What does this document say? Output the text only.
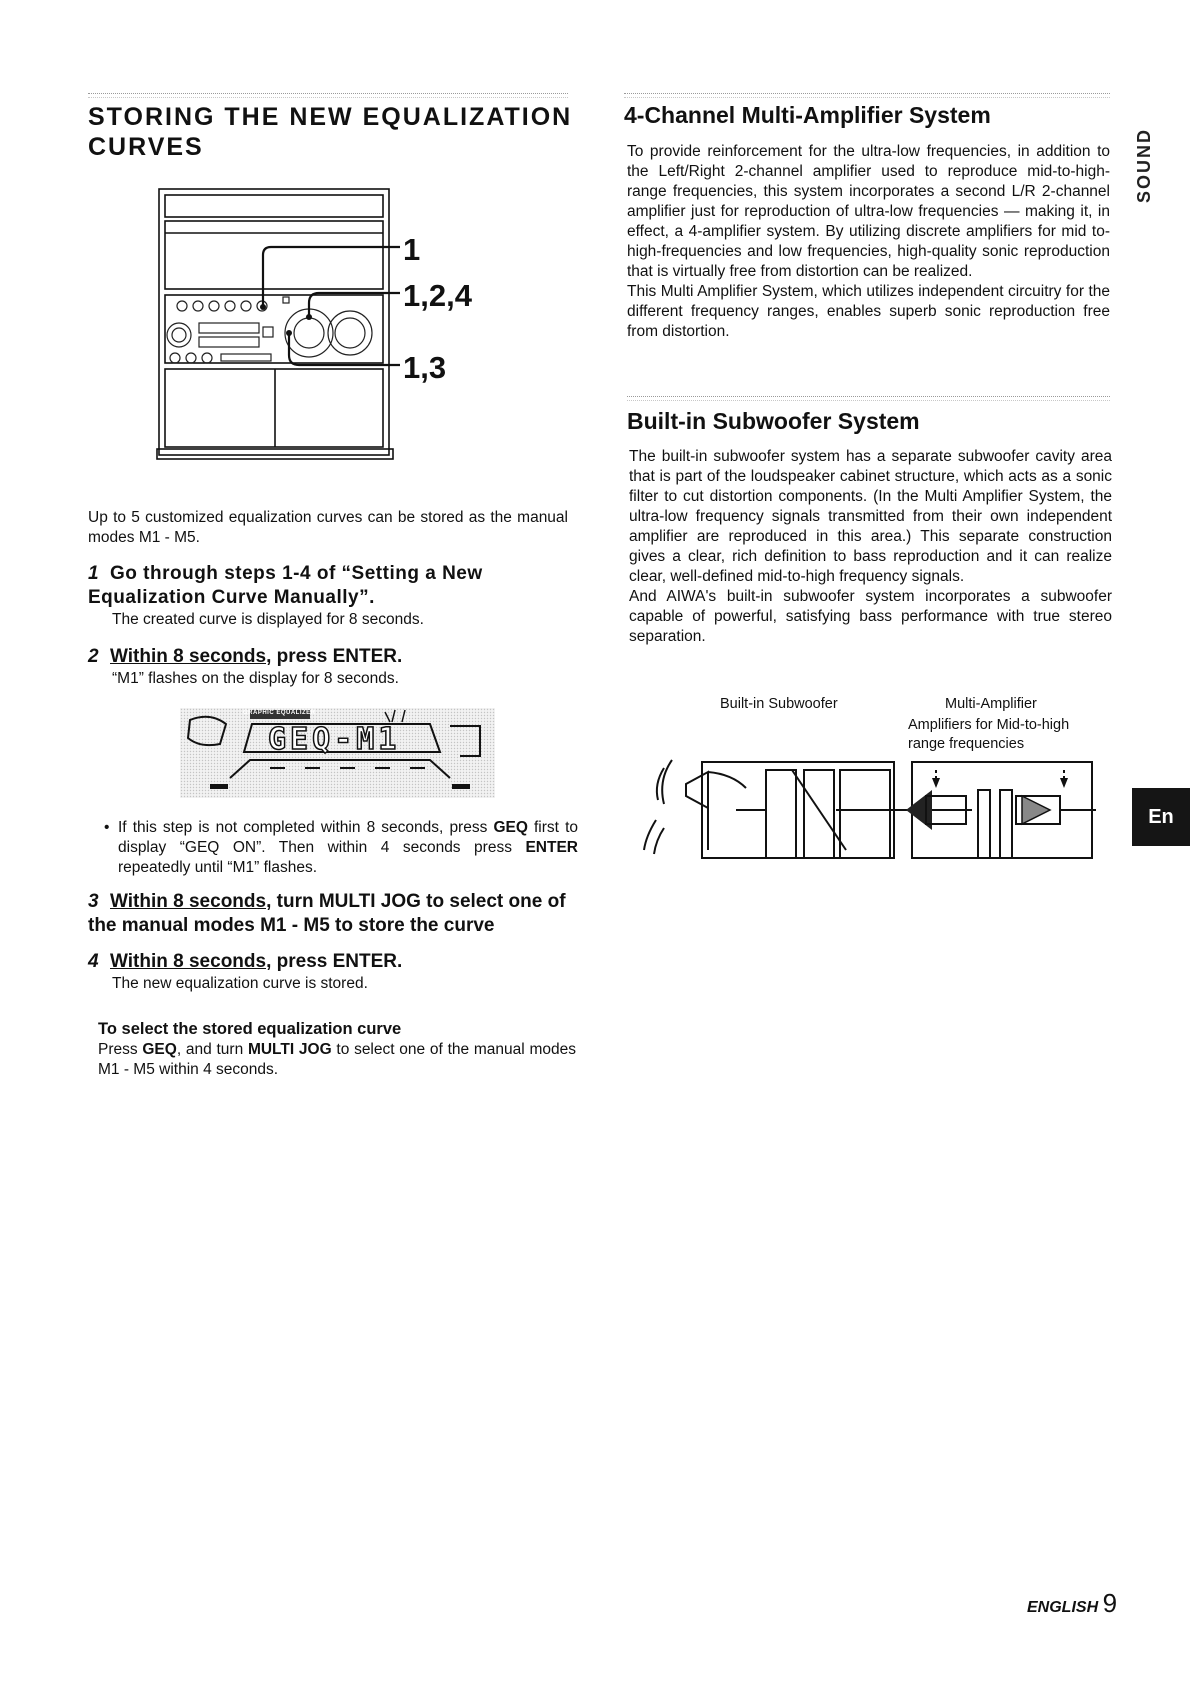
STORING THE NEW EQUALIZATION CURVES
1
1,2,4
1,3

Up to 5 customized equalization curves can be stored as the manual modes M1 - M5.

1 Go through steps 1-4 of “Setting a New Equalization Curve Manually”.
The created curve is displayed for 8 seconds.
2 Within 8 seconds, press ENTER.
“M1” flashes on the display for 8 seconds.
GRAPHIC EQUALIZER
GEQ-M1
• If this step is not completed within 8 seconds, press GEQ first to display “GEQ ON”. Then within 4 seconds press ENTER repeatedly until “M1” flashes.
3 Within 8 seconds, turn MULTI JOG to select one of the manual modes M1 - M5 to store the curve
4 Within 8 seconds, press ENTER.
The new equalization curve is stored.
To select the stored equalization curve
Press GEQ, and turn MULTI JOG to select one of the manual modes M1 - M5 within 4 seconds.
4-Channel Multi-Amplifier System

To provide reinforcement for the ultra-low frequencies, in addition to the Left/Right 2-channel amplifier used to reproduce mid-to-high-range frequencies, this system incorporates a second L/R 2-channel amplifier just for reproduction of ultra-low frequencies — making it, in effect, a 4-amplifier system. By utilizing discrete amplifiers for mid to-high-frequencies and low frequencies, high-quality sonic reproduction that is virtually free from distortion can be realized.

This Multi Amplifier System, which utilizes independent circuitry for the different frequency ranges, enables superb sonic reproduction free from distortion.

Built-in Subwoofer System

The built-in subwoofer system has a separate subwoofer cavity area that is part of the loudspeaker cabinet structure, which acts as a sonic filter to cut distortion components. (In the Multi Amplifier System, the ultra-low frequency signals transmitted from their own independent amplifier are reproduced in this area.) This separate construction gives a clear, rich definition to bass reproduction and it can realize clear, well-defined mid-to-high frequency signals.

And AIWA's built-in subwoofer system incorporates a subwoofer capable of powerful, satisfying bass performance with true stereo separation.

Built-in Subwoofer	Multi-Amplifier
Amplifiers for Mid-to-high range frequencies
SOUND
En
ENGLISH 9
